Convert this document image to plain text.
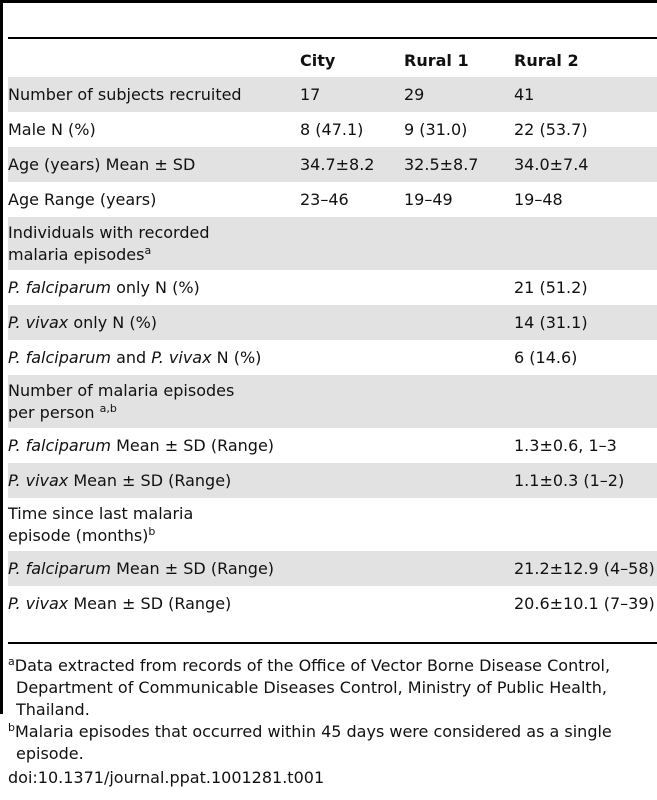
	City	Rural 1	Rural 2
Number of subjects recruited	17	29	41
Male N (%)	8 (47.1)	9 (31.0)	22 (53.7)
Age (years) Mean ± SD	34.7±8.2	32.5±8.7	34.0±7.4
Age Range (years)	23–46	19–49	19–48
Individuals with recorded
malaria episodes$^a$			
P. falciparum only N (%)			21 (51.2)
P. vivax only N (%)			14 (31.1)
P. falciparum and P. vivax N (%)			6 (14.6)
Number of malaria episodes
per person $^{a,b}$			
P. falciparum Mean ± SD (Range)			1.3±0.6, 1–3
P. vivax Mean ± SD (Range)			1.1±0.3 (1–2)
Time since last malaria
episode (months)$^b$			
P. falciparum Mean ± SD (Range)			21.2±12.9 (4–58)
P. vivax Mean ± SD (Range)			20.6±10.1 (7–39)

$^a$Data extracted from records of the Office of Vector Borne Disease Control, Department of Communicable Diseases Control, Ministry of Public Health, Thailand.

$^b$Malaria episodes that occurred within 45 days were considered as a single episode.

doi:10.1371/journal.ppat.1001281.t001
